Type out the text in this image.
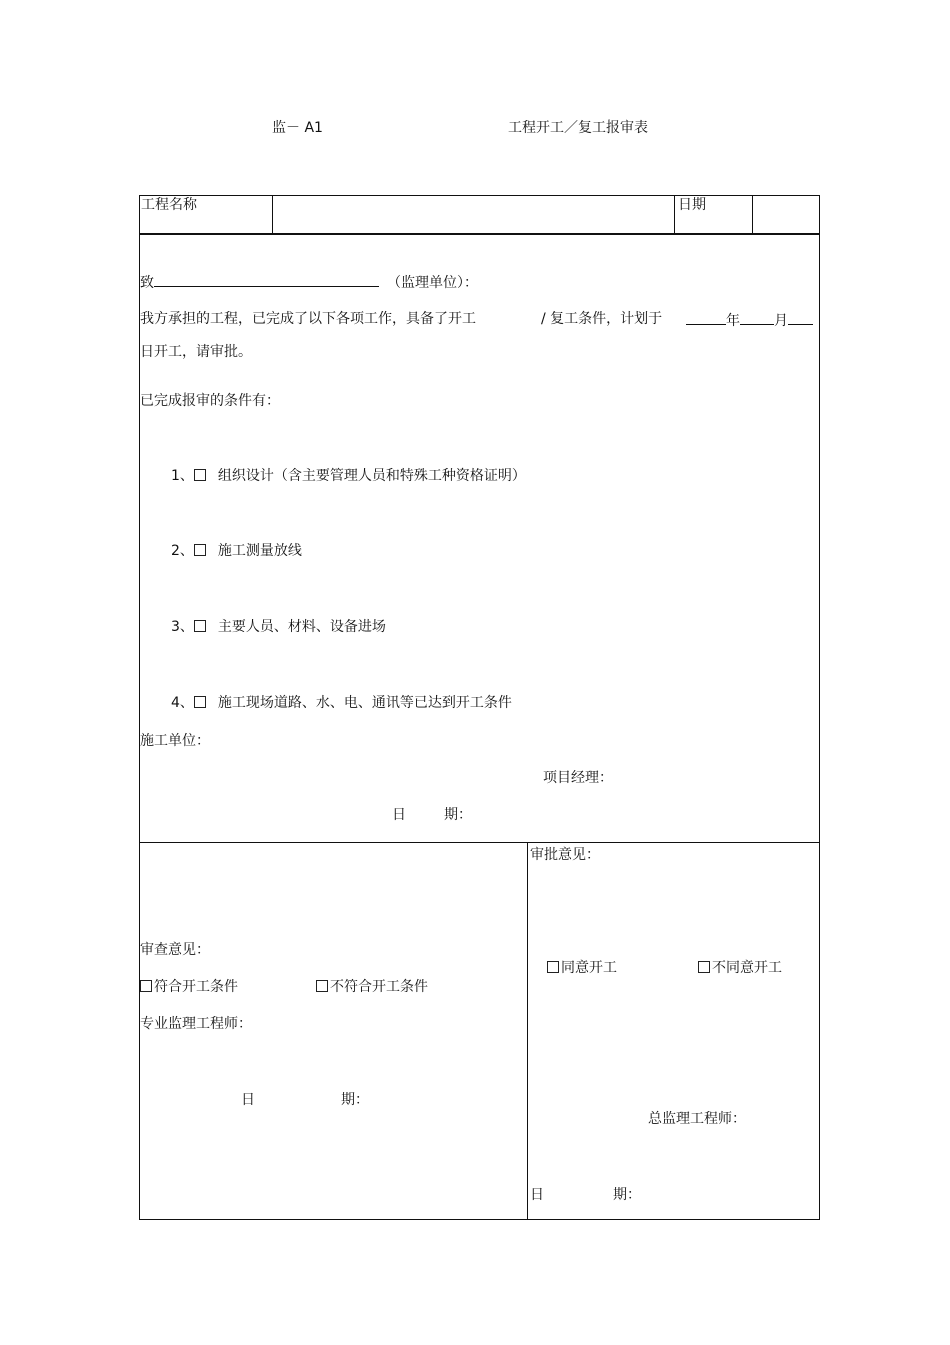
监－ A1	工程开工／复工报审表
工程名称	日期
致	（监理单位）：
我方承担的工程，已完成了以下各项工作，具备了开工	/ 复工条件，计划于	年 月
日开工，请审批。
已完成报审的条件有：
1、 组织设计（含主要管理人员和特殊工种资格证明）
2、 施工测量放线
3、 主要人员、材料、设备进场
4、 施工现场道路、水、电、通讯等已达到开工条件
施工单位：
项目经理：
日	期：
审查意见：
符合开工条件	不符合开工条件
专业监理工程师：
日	期：
审批意见：
同意开工	不同意开工
总监理工程师：
日	期：
